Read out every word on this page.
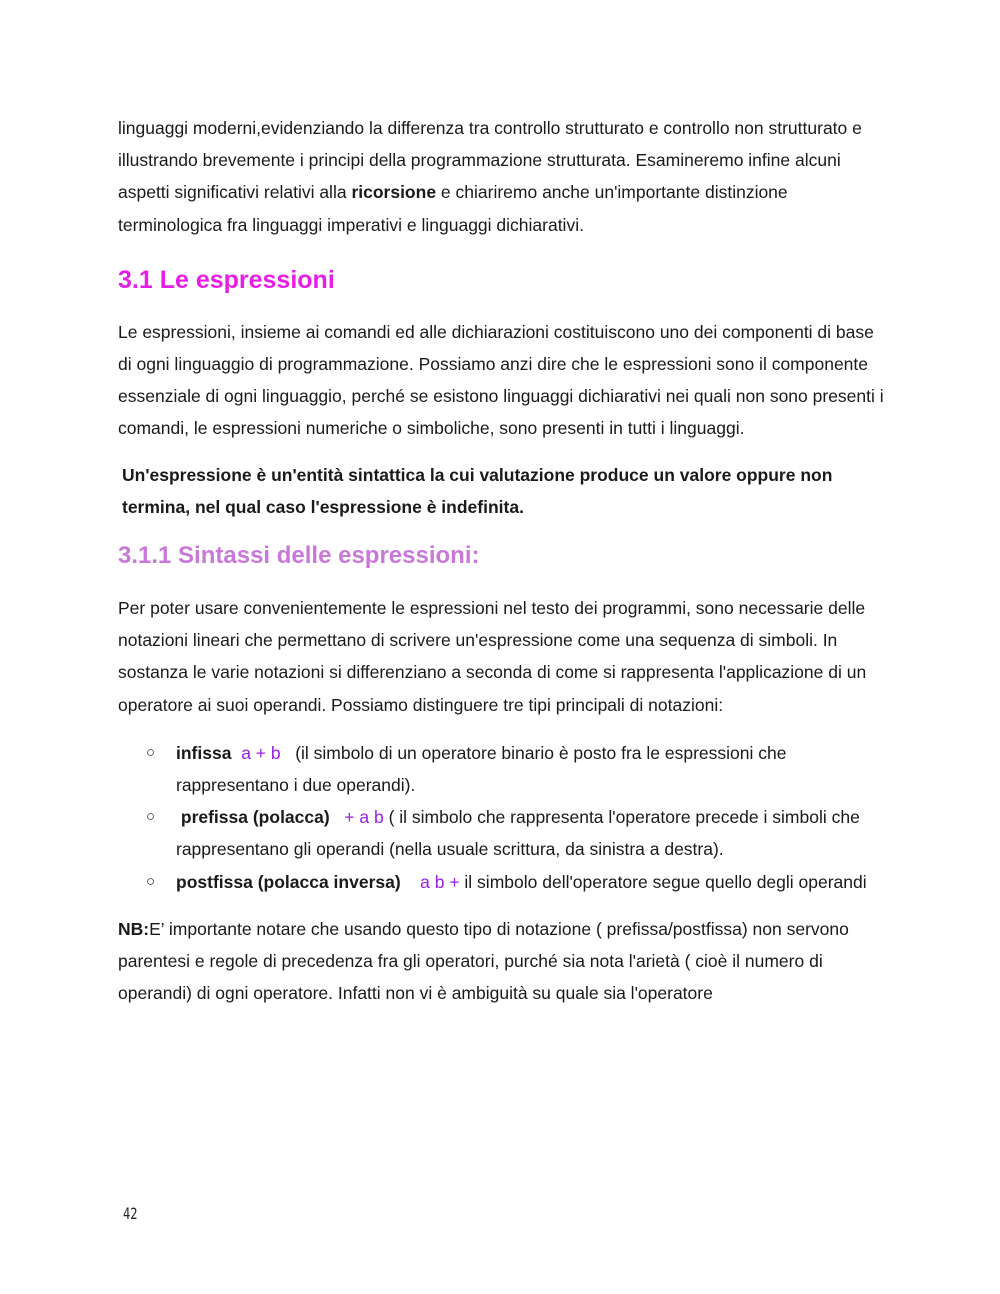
linguaggi moderni,evidenziando la differenza tra controllo strutturato e controllo non strutturato e illustrando brevemente i principi della programmazione strutturata. Esamineremo infine alcuni aspetti significativi relativi alla ricorsione e chiariremo anche un'importante distinzione terminologica fra linguaggi imperativi e linguaggi dichiarativi.

3.1 Le espressioni

Le espressioni, insieme ai comandi ed alle dichiarazioni costituiscono uno dei componenti di base di ogni linguaggio di programmazione. Possiamo anzi dire che le espressioni sono il componente essenziale di ogni linguaggio, perché se esistono linguaggi dichiarativi nei quali non sono presenti i comandi, le espressioni numeriche o simboliche, sono presenti in tutti i linguaggi.

Un'espressione è un'entità sintattica la cui valutazione produce un valore oppure non termina, nel qual caso l'espressione è indefinita.

3.1.1 Sintassi delle espressioni:

Per poter usare convenientemente le espressioni nel testo dei programmi, sono necessarie delle notazioni lineari che permettano di scrivere un'espressione come una sequenza di simboli. In sostanza le varie notazioni si differenziano a seconda di come si rappresenta l'applicazione di un operatore ai suoi operandi. Possiamo distinguere tre tipi principali di notazioni:

○ infissa a + b (il simbolo di un operatore binario è posto fra le espressioni che rappresentano i due operandi).
○ prefissa (polacca) + a b ( il simbolo che rappresenta l'operatore precede i simboli che rappresentano gli operandi (nella usuale scrittura, da sinistra a destra).
○ postfissa (polacca inversa) a b + il simbolo dell'operatore segue quello degli operandi

NB:E’ importante notare che usando questo tipo di notazione ( prefissa/postfissa) non servono parentesi e regole di precedenza fra gli operatori, purché sia nota l'arietà ( cioè il numero di operandi) di ogni operatore. Infatti non vi è ambiguità su quale sia l'operatore

42
